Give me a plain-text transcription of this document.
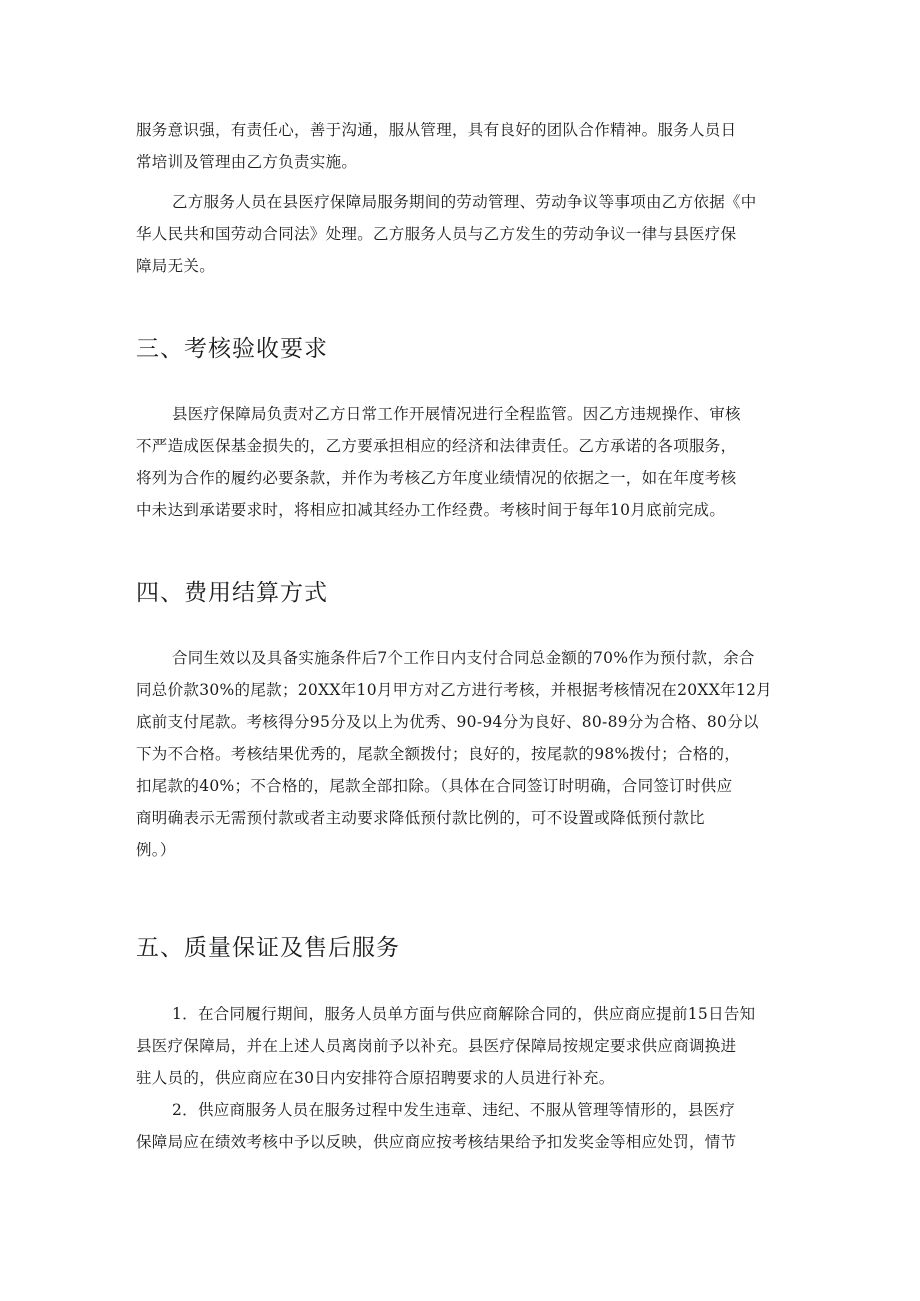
服务意识强，有责任心，善于沟通，服从管理，具有良好的团队合作精神。服务人员日
常培训及管理由乙方负责实施。

乙方服务人员在县医疗保障局服务期间的劳动管理、劳动争议等事项由乙方依据《中
华人民共和国劳动合同法》处理。乙方服务人员与乙方发生的劳动争议一律与县医疗保
障局无关。

三、考核验收要求

县医疗保障局负责对乙方日常工作开展情况进行全程监管。因乙方违规操作、审核
不严造成医保基金损失的，乙方要承担相应的经济和法律责任。乙方承诺的各项服务，
将列为合作的履约必要条款，并作为考核乙方年度业绩情况的依据之一，如在年度考核
中未达到承诺要求时，将相应扣减其经办工作经费。考核时间于每年10月底前完成。

四、费用结算方式

合同生效以及具备实施条件后7个工作日内支付合同总金额的70%作为预付款，余合
同总价款30%的尾款；20XX年10月甲方对乙方进行考核，并根据考核情况在20XX年12月
底前支付尾款。考核得分95分及以上为优秀、90-94分为良好、80-89分为合格、80分以
下为不合格。考核结果优秀的，尾款全额拨付；良好的，按尾款的98%拨付；合格的，
扣尾款的40%；不合格的，尾款全部扣除。（具体在合同签订时明确，合同签订时供应
商明确表示无需预付款或者主动要求降低预付款比例的，可不设置或降低预付款比
例。）

五、质量保证及售后服务

1．在合同履行期间，服务人员单方面与供应商解除合同的，供应商应提前15日告知
县医疗保障局，并在上述人员离岗前予以补充。县医疗保障局按规定要求供应商调换进
驻人员的，供应商应在30日内安排符合原招聘要求的人员进行补充。

2．供应商服务人员在服务过程中发生违章、违纪、不服从管理等情形的，县医疗
保障局应在绩效考核中予以反映，供应商应按考核结果给予扣发奖金等相应处罚，情节
